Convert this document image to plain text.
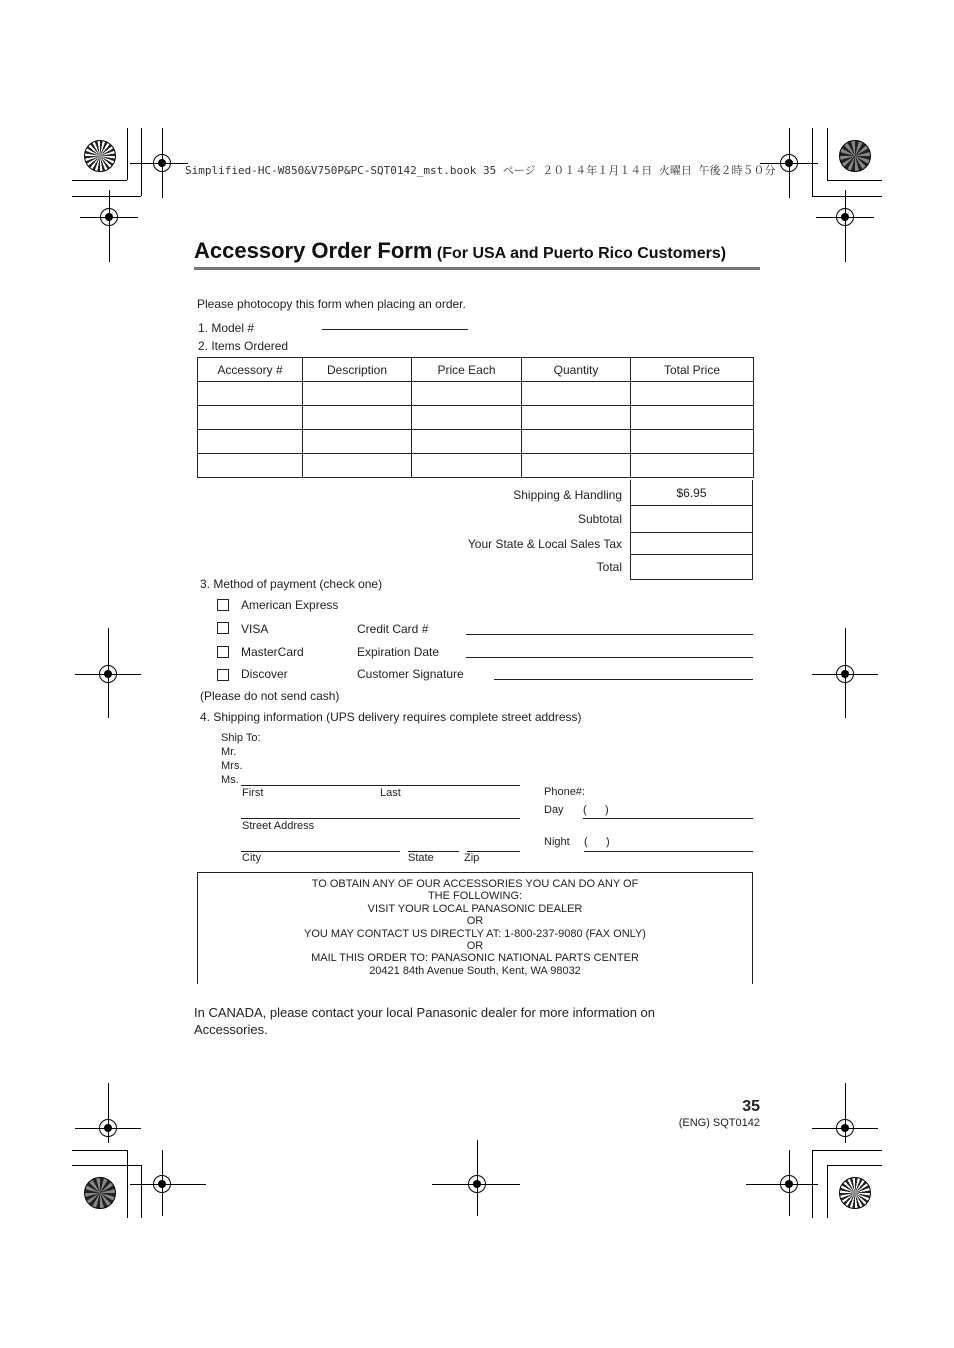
Simplified-HC-W850&V750P&PC-SQT0142_mst.book 35 ページ ２０１４年１月１４日 火曜日 午後２時５０分
Accessory Order Form (For USA and Puerto Rico Customers)
Please photocopy this form when placing an order.
1. Model #
2. Items Ordered
Accessory #	Description	Price Each	Quantity	Total Price

Shipping & Handling	$6.95
Subtotal
Your State & Local Sales Tax
Total
3. Method of payment (check one)
American Express
VISA	Credit Card #
MasterCard	Expiration Date
Discover	Customer Signature
(Please do not send cash)
4. Shipping information (UPS delivery requires complete street address)
Ship To:
Mr.
Mrs.
Ms.
First	Last
Street Address
City	State	Zip
Phone#:
Day (      )
Night (      )
TO OBTAIN ANY OF OUR ACCESSORIES YOU CAN DO ANY OF
THE FOLLOWING:
VISIT YOUR LOCAL PANASONIC DEALER
OR
YOU MAY CONTACT US DIRECTLY AT: 1-800-237-9080 (FAX ONLY)
OR
MAIL THIS ORDER TO: PANASONIC NATIONAL PARTS CENTER
20421 84th Avenue South, Kent, WA 98032
In CANADA, please contact your local Panasonic dealer for more information on Accessories.
35
(ENG) SQT0142
